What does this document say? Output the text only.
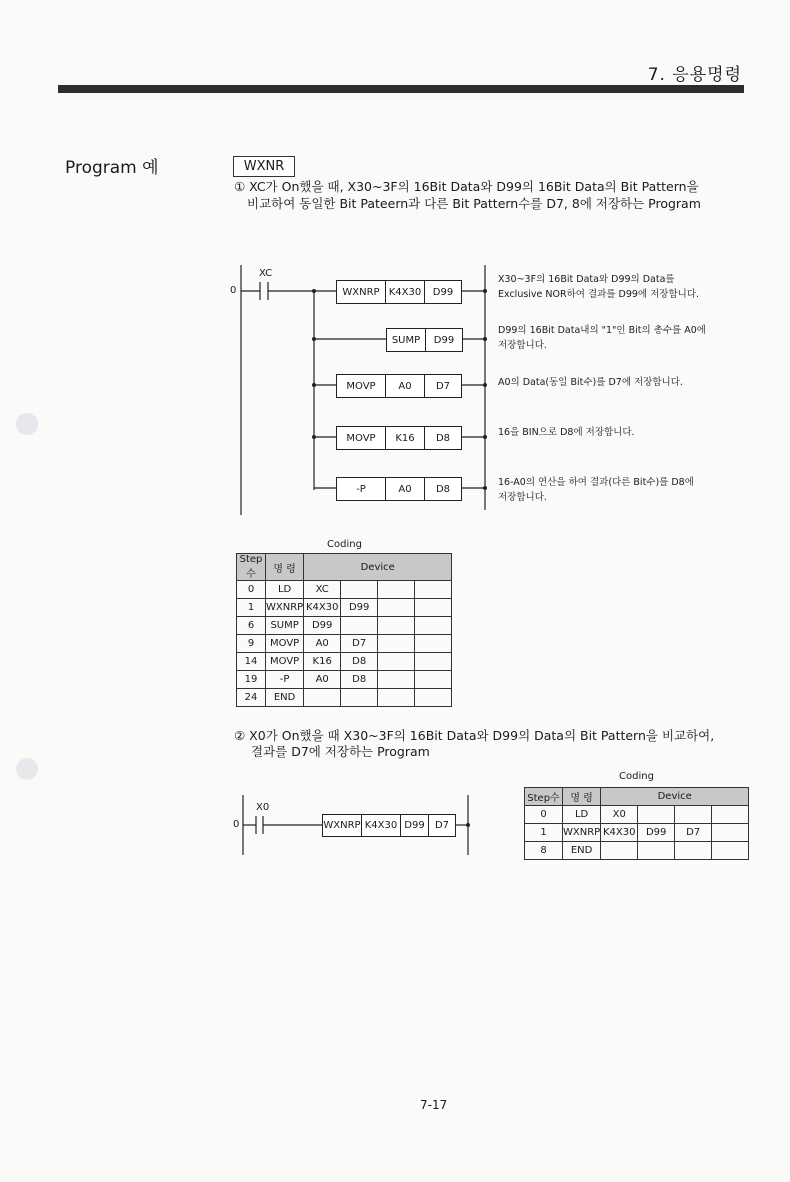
7. 응용명령
Program 예	WXNR
① XC가 On했을 때, X30~3F의 16Bit Data와 D99의 16Bit Data의 Bit Pattern을
비교하여 동일한 Bit Pateern과 다른 Bit Pattern수를 D7, 8에 저장하는 Program
XC
0	WXNRP K4X30	D99
SUMP	D99
MOVP	A0	D7
MOVP	K16	D8
-P	A0	D8
X30~3F의 16Bit Data와 D99의 Data를
Exclusive NOR하여 결과를 D99에 저장합니다.
D99의 16Bit Data내의 "1"인 Bit의 총수를 A0에
저장합니다.
A0의 Data(동일 Bit수)를 D7에 저장합니다.
16을 BIN으로 D8에 저장합니다.
16-A0의 연산을 하여 결과(다른 Bit수)를 D8에
저장합니다.
Coding
Step수	명 령	Device			
0	LD	XC			
1	WXNRP	K4X30	D99		
6	SUMP	D99			
9	MOVP	A0	D7		
14	MOVP	K16	D8		
19	-P	A0	D8		
24	END				
② X0가 On했을 때 X30~3F의 16Bit Data와 D99의 Data의 Bit Pattern을 비교하여,
결과를 D7에 저장하는 Program
X0
0	WXNRP K4X30 D99	D7
Coding
Step수	명 령	Device			
0	LD	X0			
1	WXNRP	K4X30	D99	D7	
8	END				
7-17
